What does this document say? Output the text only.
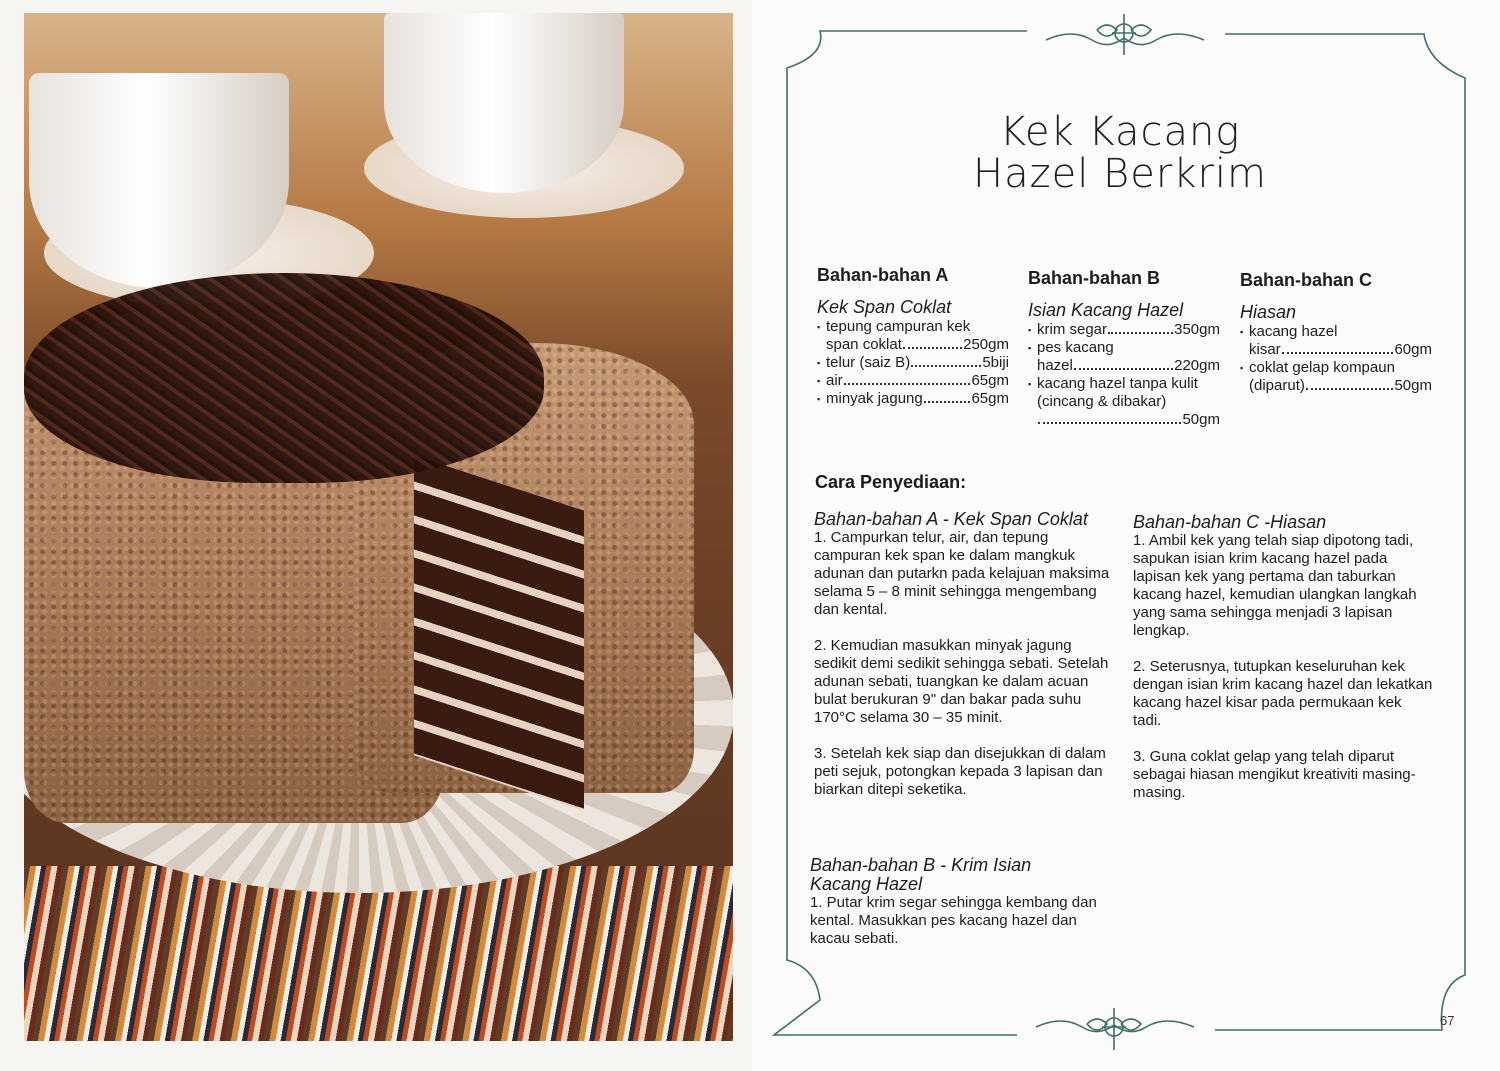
Kek Kacang
Hazel Berkrim
Bahan-bahan A
Kek Span Coklat
▪ tepung campuran kek
span coklat	250gm
▪ telur (saiz B)	5biji
▪ air	65gm
▪ minyak jagung	65gm
Bahan-bahan B
Isian Kacang Hazel
▪ krim segar	350gm
▪ pes kacang
hazel	220gm
▪ kacang hazel tanpa kulit
(cincang & dibakar)
50gm
Bahan-bahan C
Hiasan
▪ kacang hazel
kisar	60gm
▪ coklat gelap kompaun
(diparut)	50gm
Cara Penyediaan:
Bahan-bahan A - Kek Span Coklat

1. Campurkan telur, air, dan tepung campuran kek span ke dalam mangkuk adunan dan putarkn pada kelajuan maksima selama 5 – 8 minit sehingga mengembang dan kental.

2. Kemudian masukkan minyak jagung sedikit demi sedikit sehingga sebati. Setelah adunan sebati, tuangkan ke dalam acuan bulat berukuran 9" dan bakar pada suhu 170°C selama 30 – 35 minit.

3. Setelah kek siap dan disejukkan di dalam peti sejuk, potongkan kepada 3 lapisan dan biarkan ditepi seketika.

Bahan-bahan B - Krim Isian Kacang Hazel

1. Putar krim segar sehingga kembang dan kental. Masukkan pes kacang hazel dan kacau sebati.

Bahan-bahan C -Hiasan

1. Ambil kek yang telah siap dipotong tadi, sapukan isian krim kacang hazel pada lapisan kek yang pertama dan taburkan kacang hazel, kemudian ulangkan langkah yang sama sehingga menjadi 3 lapisan lengkap.

2. Seterusnya, tutupkan keseluruhan kek dengan isian krim kacang hazel dan lekatkan kacang hazel kisar pada permukaan kek tadi.

3. Guna coklat gelap yang telah diparut sebagai hiasan mengikut kreativiti masing-masing.

67
